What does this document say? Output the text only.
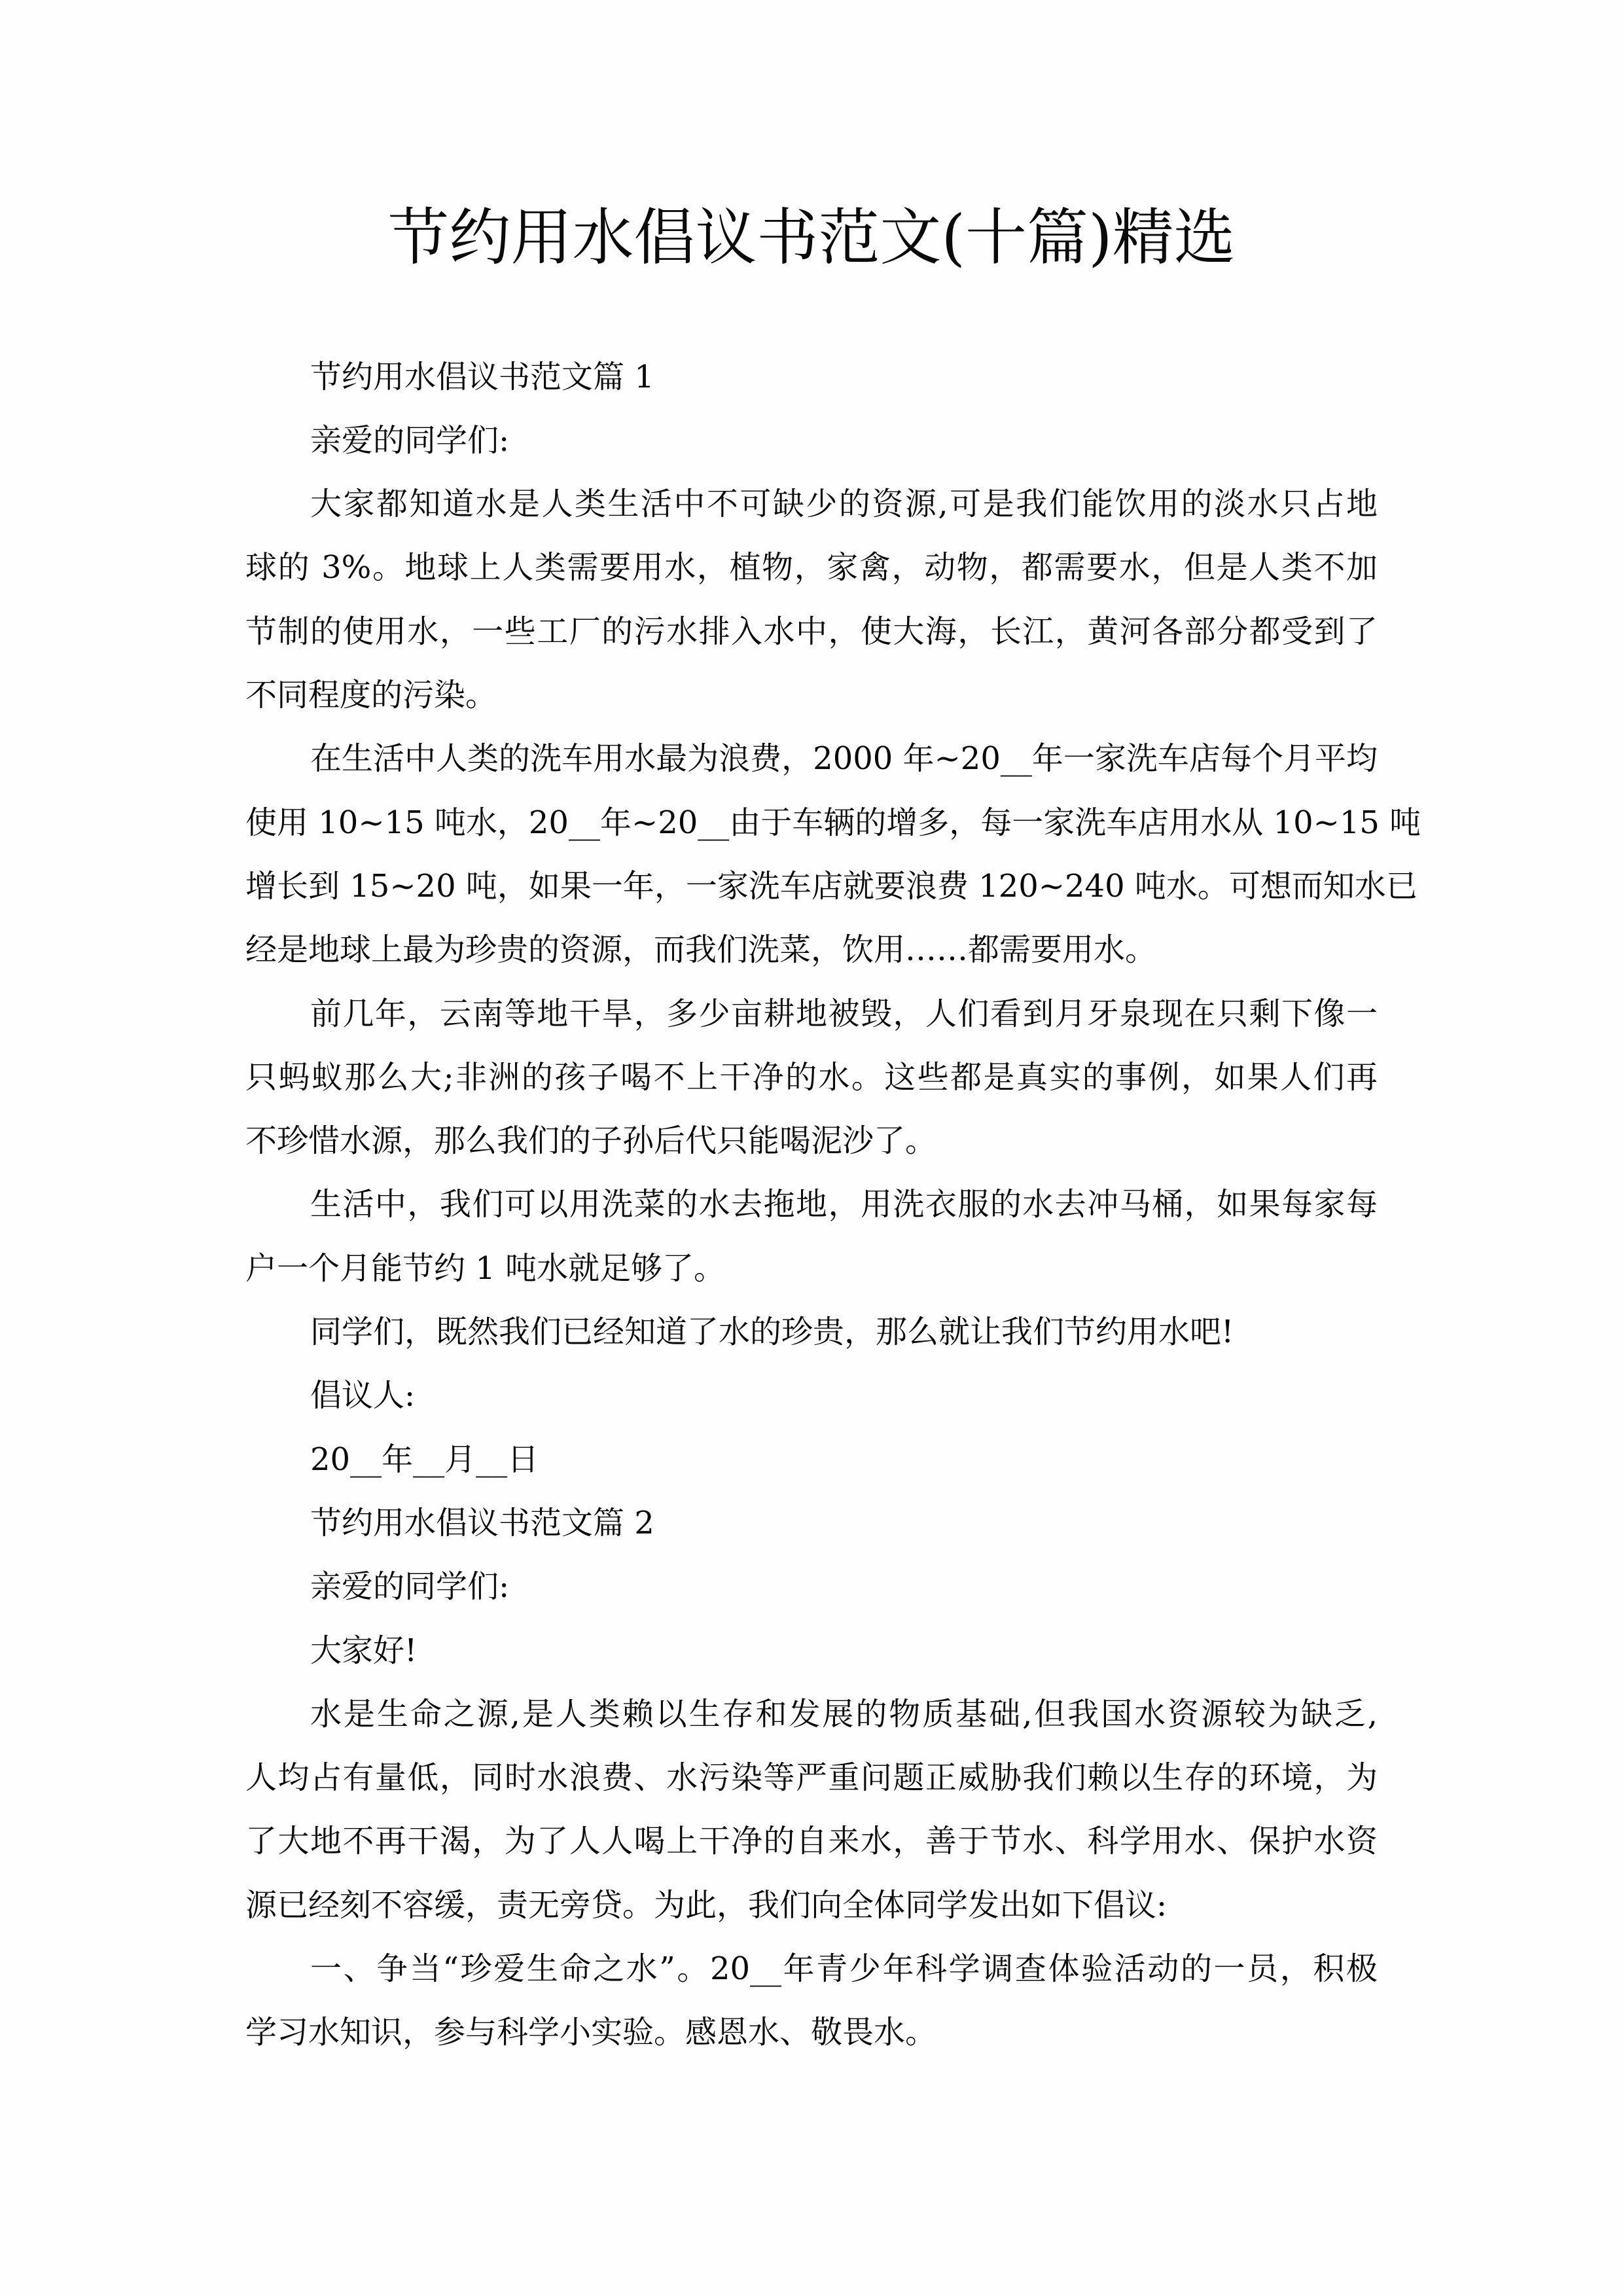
节约用水倡议书范文(十篇)精选
节约用水倡议书范文篇 1
亲爱的同学们:
大家都知道水是人类生活中不可缺少的资源,可是我们能饮用的淡水只占地
球的 3%。地球上人类需要用水，植物，家禽，动物，都需要水，但是人类不加
节制的使用水，一些工厂的污水排入水中，使大海，长江，黄河各部分都受到了
不同程度的污染。
在生活中人类的洗车用水最为浪费，2000 年~20__年一家洗车店每个月平均
使用 10~15 吨水，20__年~20__由于车辆的增多，每一家洗车店用水从 10~15 吨
增长到 15~20 吨，如果一年，一家洗车店就要浪费 120~240 吨水。可想而知水已
经是地球上最为珍贵的资源，而我们洗菜，饮用……都需要用水。
前几年，云南等地干旱，多少亩耕地被毁，人们看到月牙泉现在只剩下像一
只蚂蚁那么大;非洲的孩子喝不上干净的水。这些都是真实的事例，如果人们再
不珍惜水源，那么我们的子孙后代只能喝泥沙了。
生活中，我们可以用洗菜的水去拖地，用洗衣服的水去冲马桶，如果每家每
户一个月能节约 1 吨水就足够了。
同学们，既然我们已经知道了水的珍贵，那么就让我们节约用水吧!
倡议人:
20__年__月__日
节约用水倡议书范文篇 2
亲爱的同学们:
大家好!
水是生命之源,是人类赖以生存和发展的物质基础,但我国水资源较为缺乏,
人均占有量低，同时水浪费、水污染等严重问题正威胁我们赖以生存的环境，为
了大地不再干渴，为了人人喝上干净的自来水，善于节水、科学用水、保护水资
源已经刻不容缓，责无旁贷。为此，我们向全体同学发出如下倡议:
一、争当“珍爱生命之水”。20__年青少年科学调查体验活动的一员，积极
学习水知识，参与科学小实验。感恩水、敬畏水。
